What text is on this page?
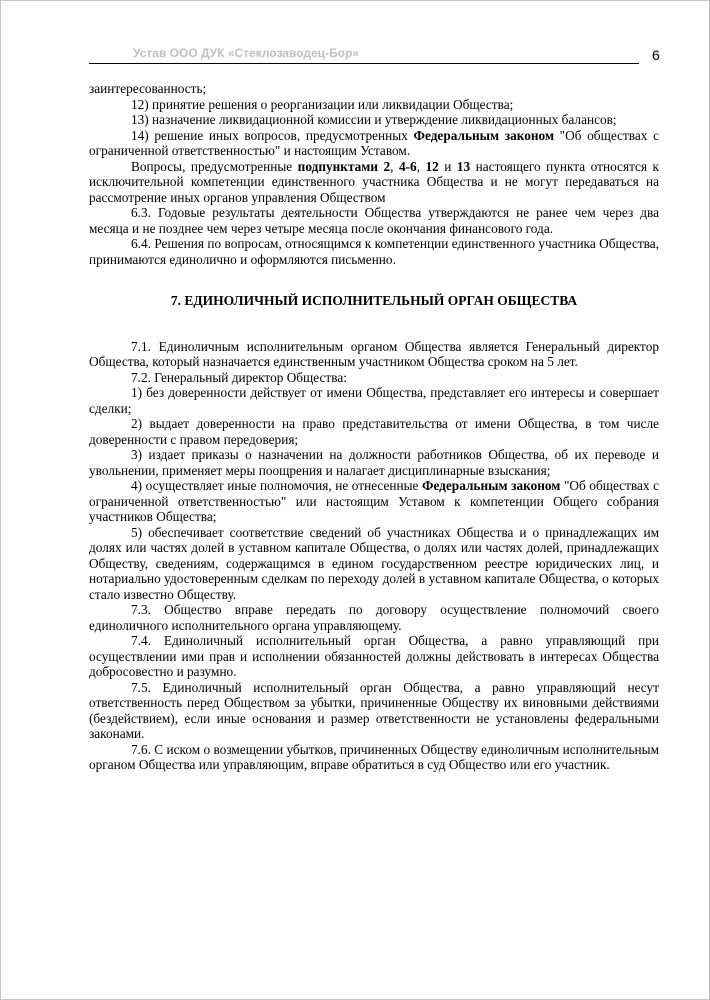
Устав ООО ДУК «Стеклозаводец-Бор»	6

заинтересованность;

12) принятие решения о реорганизации или ликвидации Общества;

13) назначение ликвидационной комиссии и утверждение ликвидационных балансов;

14) решение иных вопросов, предусмотренных Федеральным законом "Об обществах с ограниченной ответственностью" и настоящим Уставом.

Вопросы, предусмотренные подпунктами 2, 4-6, 12 и 13 настоящего пункта относятся к исключительной компетенции единственного участника Общества и не могут передаваться на рассмотрение иных органов управления Обществом

6.3. Годовые результаты деятельности Общества утверждаются не ранее чем через два месяца и не позднее чем через четыре месяца после окончания финансового года.

6.4. Решения по вопросам, относящимся к компетенции единственного участника Общества, принимаются единолично и оформляются письменно.

7. ЕДИНОЛИЧНЫЙ ИСПОЛНИТЕЛЬНЫЙ ОРГАН ОБЩЕСТВА

7.1. Единоличным исполнительным органом Общества является Генеральный директор Общества, который назначается единственным участником Общества сроком на 5 лет.

7.2. Генеральный директор Общества:

1) без доверенности действует от имени Общества, представляет его интересы и совершает сделки;

2) выдает доверенности на право представительства от имени Общества, в том числе доверенности с правом передоверия;

3) издает приказы о назначении на должности работников Общества, об их переводе и увольнении, применяет меры поощрения и налагает дисциплинарные взыскания;

4) осуществляет иные полномочия, не отнесенные Федеральным законом "Об обществах с ограниченной ответственностью" или настоящим Уставом к компетенции Общего собрания участников Общества;

5) обеспечивает соответствие сведений об участниках Общества и о принадлежащих им долях или частях долей в уставном капитале Общества, о долях или частях долей, принадлежащих Обществу, сведениям, содержащимся в едином государственном реестре юридических лиц, и нотариально удостоверенным сделкам по переходу долей в уставном капитале Общества, о которых стало известно Обществу.

7.3. Общество вправе передать по договору осуществление полномочий своего единоличного исполнительного органа управляющему.

7.4. Единоличный исполнительный орган Общества, а равно управляющий при осуществлении ими прав и исполнении обязанностей должны действовать в интересах Общества добросовестно и разумно.

7.5. Единоличный исполнительный орган Общества, а равно управляющий несут ответственность перед Обществом за убытки, причиненные Обществу их виновными действиями (бездействием), если иные основания и размер ответственности не установлены федеральными законами.

7.6. С иском о возмещении убытков, причиненных Обществу единоличным исполнительным органом Общества или управляющим, вправе обратиться в суд Общество или его участник.
